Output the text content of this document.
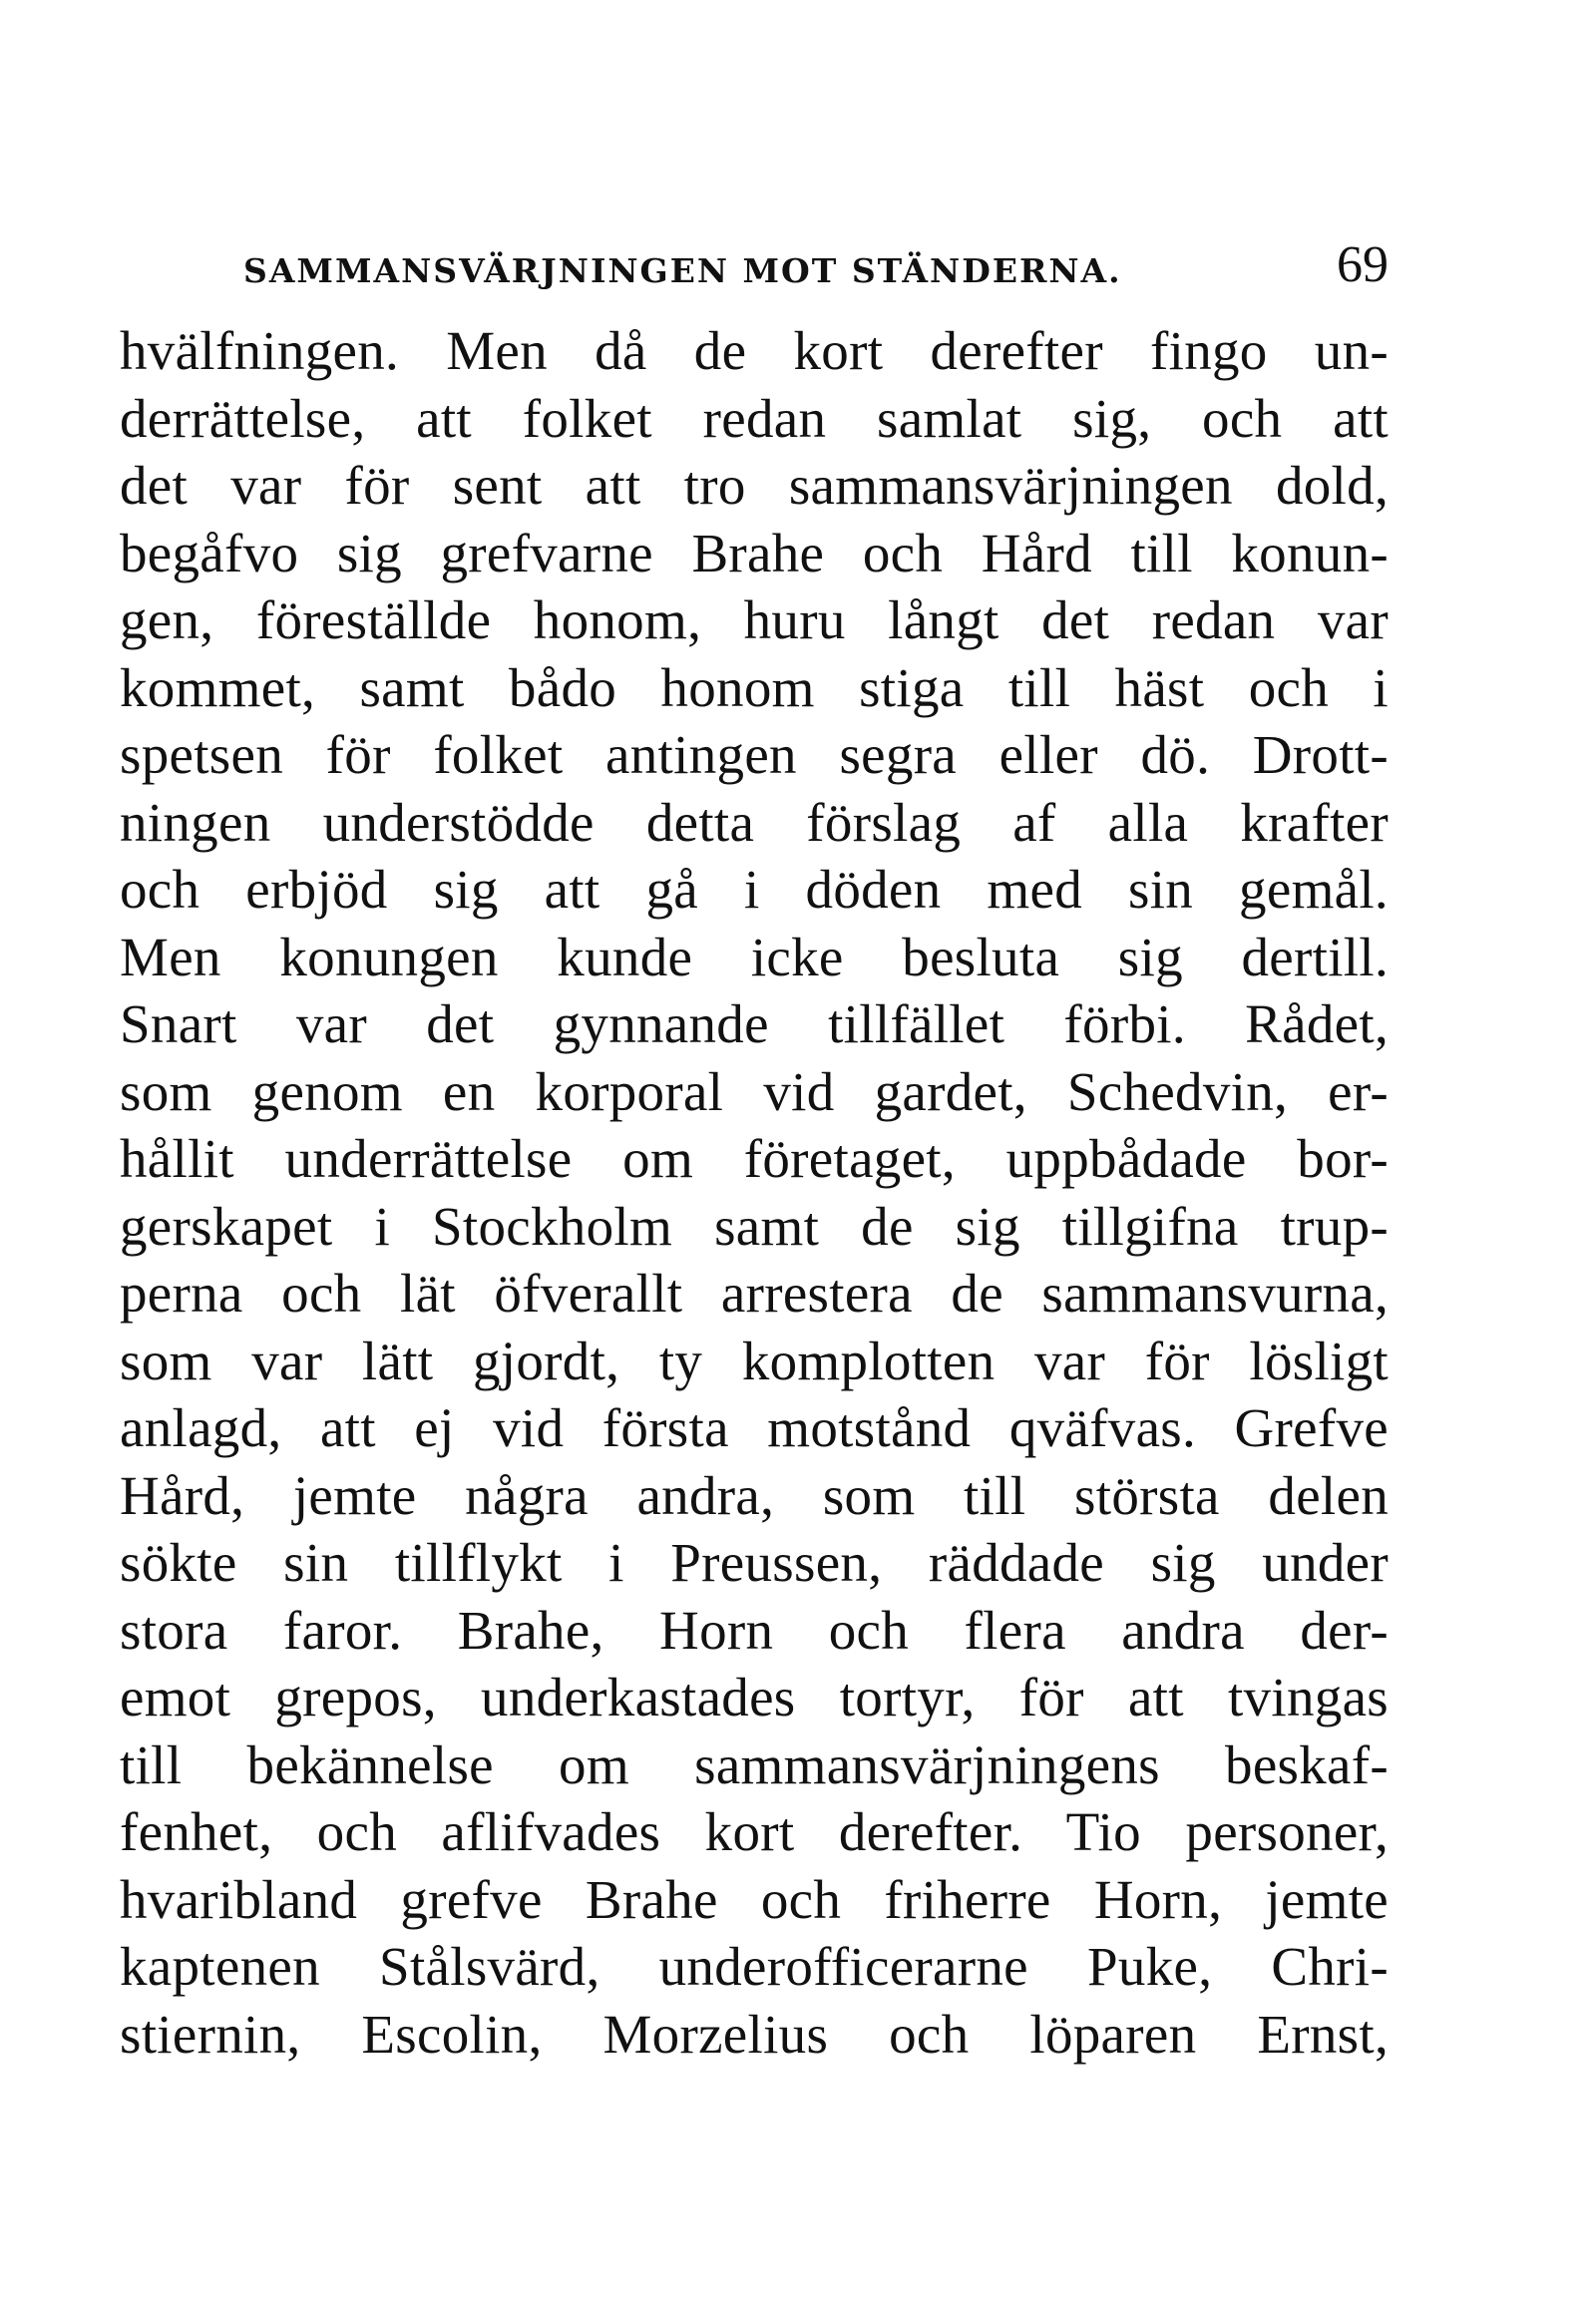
SAMMANSVÄRJNINGEN MOT STÄNDERNA.	69
hvälfningen. Men då de kort derefter fingo un-
derrättelse, att folket redan samlat sig, och att
det var för sent att tro sammansvärjningen dold,
begåfvo sig grefvarne Brahe och Hård till konun-
gen, föreställde honom, huru långt det redan var
kommet, samt bådo honom stiga till häst och i
spetsen för folket antingen segra eller dö. Drott-
ningen understödde detta förslag af alla krafter
och erbjöd sig att gå i döden med sin gemål.
Men konungen kunde icke besluta sig dertill.
Snart var det gynnande tillfället förbi. Rådet,
som genom en korporal vid gardet, Schedvin, er-
hållit underrättelse om företaget, uppbådade bor-
gerskapet i Stockholm samt de sig tillgifna trup-
perna och lät öfverallt arrestera de sammansvurna,
som var lätt gjordt, ty komplotten var för lösligt
anlagd, att ej vid första motstånd qväfvas. Grefve
Hård, jemte några andra, som till största delen
sökte sin tillflykt i Preussen, räddade sig under
stora faror. Brahe, Horn och flera andra der-
emot grepos, underkastades tortyr, för att tvingas
till bekännelse om sammansvärjningens beskaf-
fenhet, och aflifvades kort derefter. Tio personer,
hvaribland grefve Brahe och friherre Horn, jemte
kaptenen Stålsvärd, underofficerarne Puke, Chri-
stiernin, Escolin, Morzelius och löparen Ernst,
